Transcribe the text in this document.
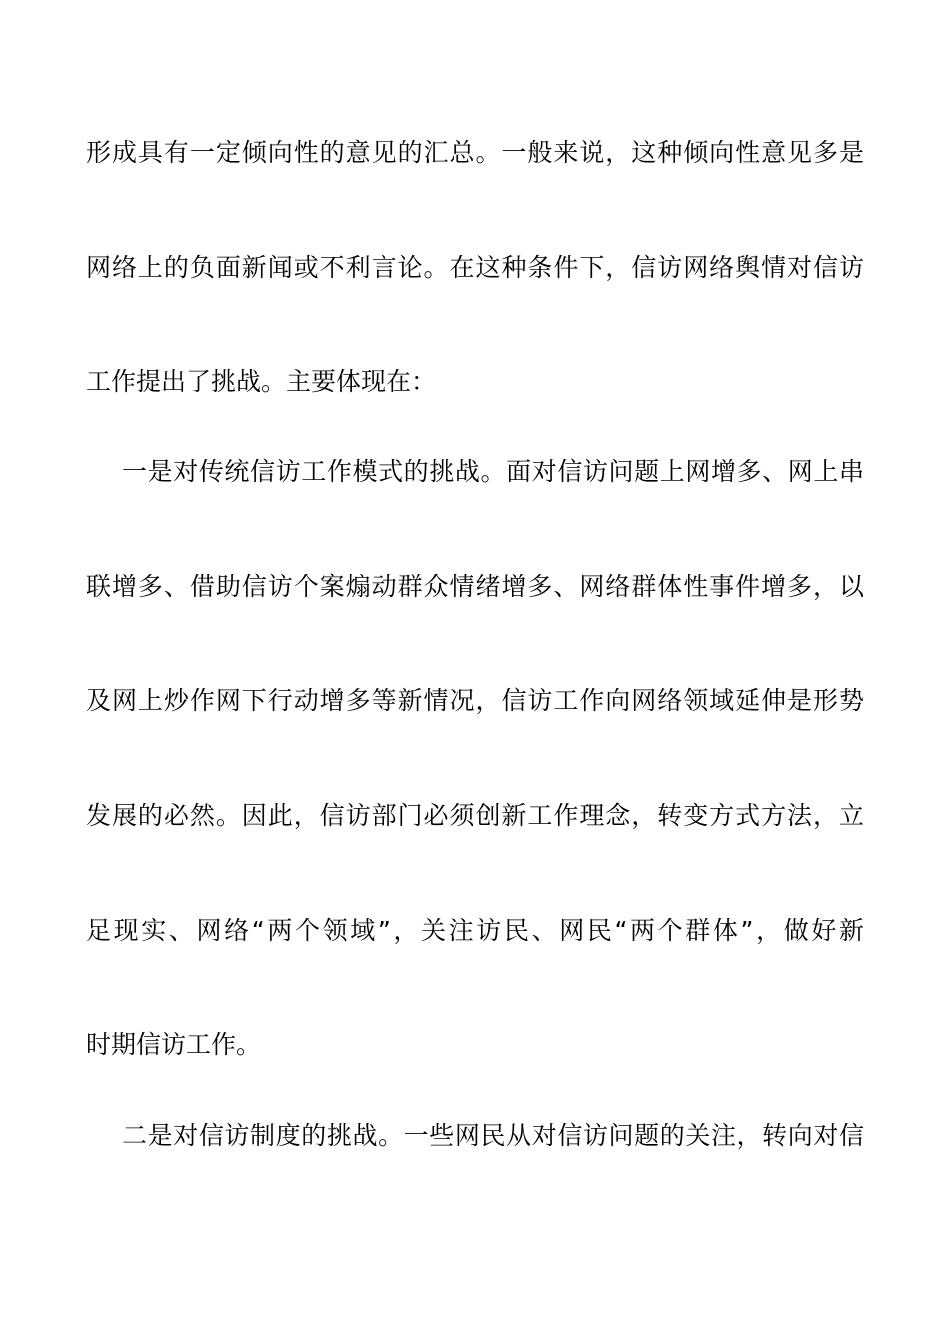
形成具有一定倾向性的意见的汇总。一般来说，这种倾向性意见多是
网络上的负面新闻或不利言论。在这种条件下，信访网络舆情对信访
工作提出了挑战。主要体现在：
一是对传统信访工作模式的挑战。面对信访问题上网增多、网上串
联增多、借助信访个案煽动群众情绪增多、网络群体性事件增多，以
及网上炒作网下行动增多等新情况，信访工作向网络领域延伸是形势
发展的必然。因此，信访部门必须创新工作理念，转变方式方法，立
足现实、网络“两个领域”，关注访民、网民“两个群体”，做好新
时期信访工作。
二是对信访制度的挑战。一些网民从对信访问题的关注，转向对信
